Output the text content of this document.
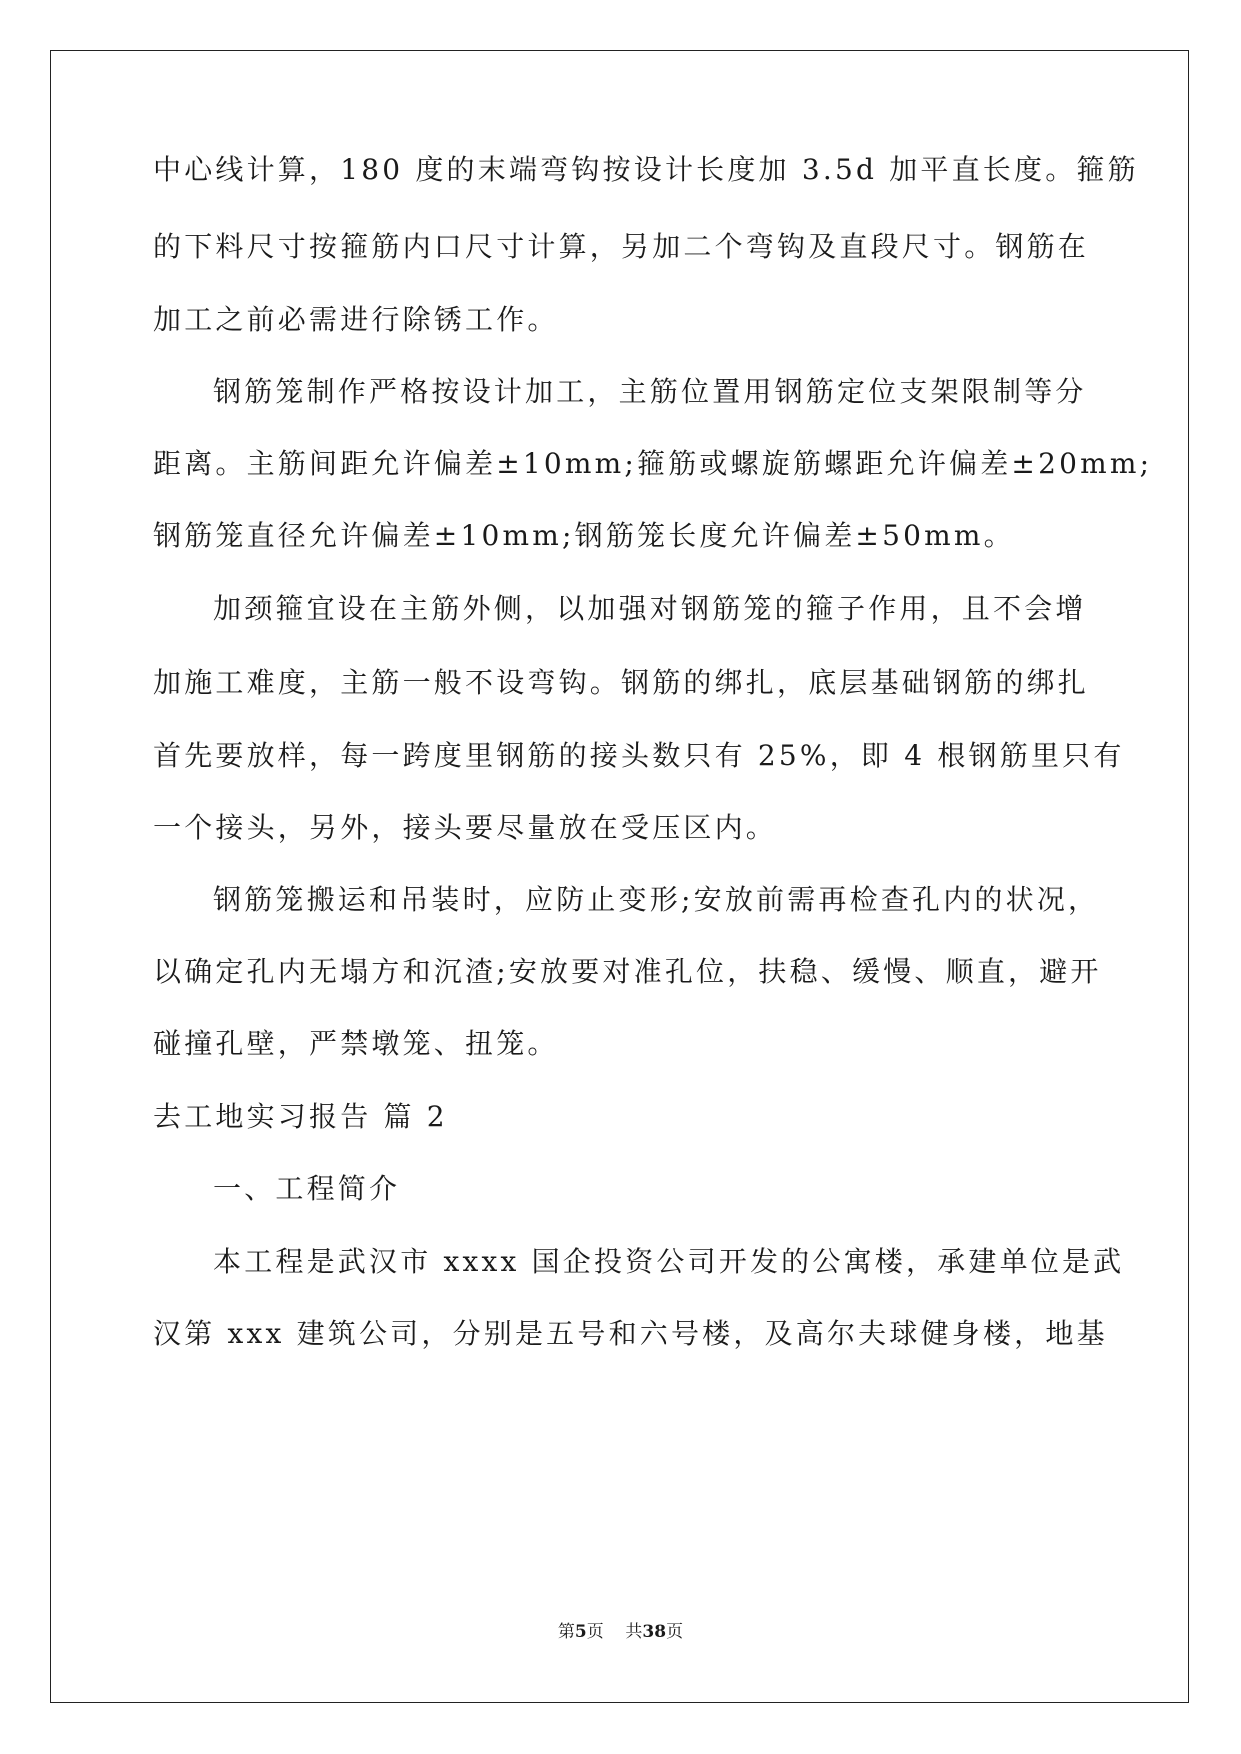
中心线计算，180 度的末端弯钩按设计长度加 3.5d 加平直长度。箍筋
的下料尺寸按箍筋内口尺寸计算，另加二个弯钩及直段尺寸。钢筋在
加工之前必需进行除锈工作。
钢筋笼制作严格按设计加工，主筋位置用钢筋定位支架限制等分
距离。主筋间距允许偏差±10mm;箍筋或螺旋筋螺距允许偏差±20mm;
钢筋笼直径允许偏差±10mm;钢筋笼长度允许偏差±50mm。
加颈箍宜设在主筋外侧，以加强对钢筋笼的箍子作用，且不会增
加施工难度，主筋一般不设弯钩。钢筋的绑扎，底层基础钢筋的绑扎
首先要放样，每一跨度里钢筋的接头数只有 25%，即 4 根钢筋里只有
一个接头，另外，接头要尽量放在受压区内。
钢筋笼搬运和吊装时，应防止变形;安放前需再检查孔内的状况，
以确定孔内无塌方和沉渣;安放要对准孔位，扶稳、缓慢、顺直，避开
碰撞孔壁，严禁墩笼、扭笼。
去工地实习报告 篇 2
一、工程简介
本工程是武汉市 xxxx 国企投资公司开发的公寓楼，承建单位是武
汉第 xxx 建筑公司，分别是五号和六号楼，及高尔夫球健身楼，地基
第5页 共38页
